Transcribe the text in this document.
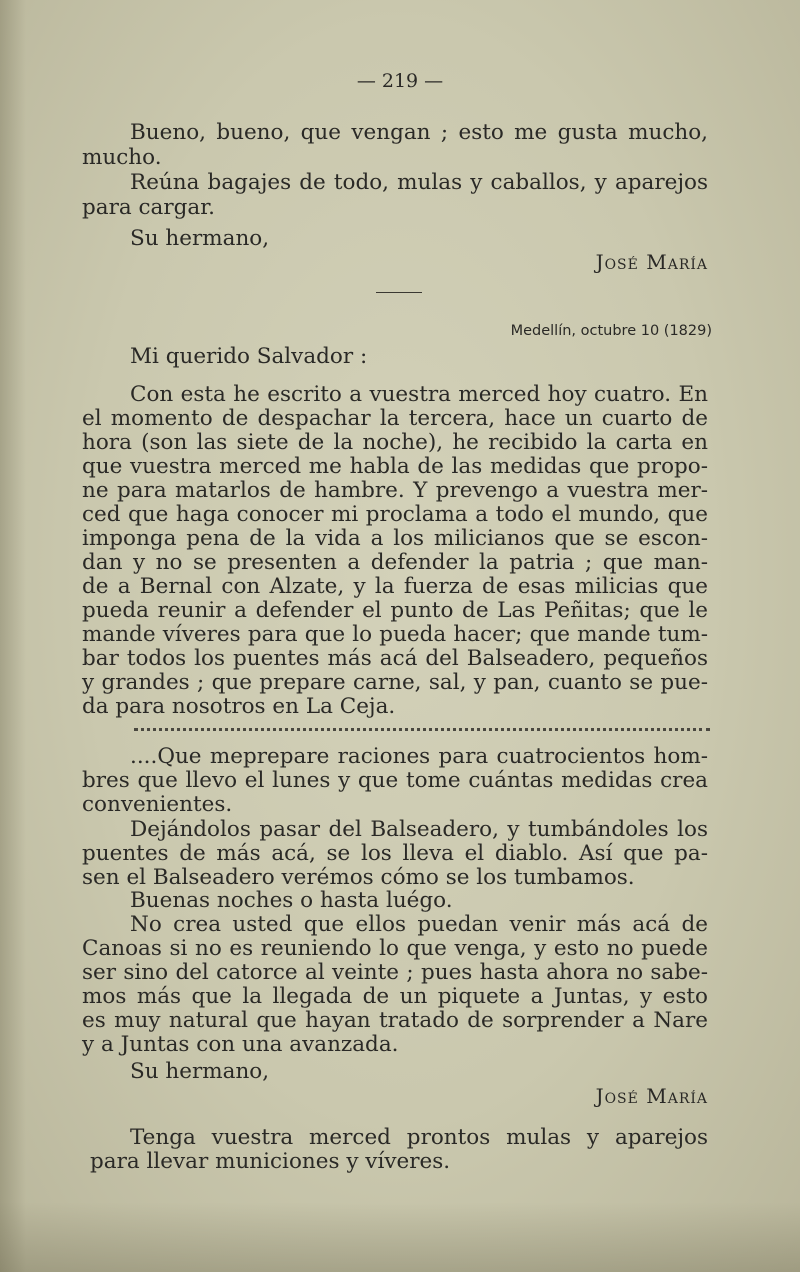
— 219 —
Bueno, bueno, que vengan ; esto me gusta mucho,
mucho.
Reúna bagajes de todo, mulas y caballos, y aparejos
para cargar.
Su hermano,
José María
Medellín, octubre 10 (1829)
Mi querido Salvador :
Con esta he escrito a vuestra merced hoy cuatro. En
el momento de despachar la tercera, hace un cuarto de
hora (son las siete de la noche), he recibido la carta en
que vuestra merced me habla de las medidas que propo-
ne para matarlos de hambre. Y prevengo a vuestra mer-
ced que haga conocer mi proclama a todo el mundo, que
imponga pena de la vida a los milicianos que se escon-
dan y no se presenten a defender la patria ; que man-
de a Bernal con Alzate, y la fuerza de esas milicias que
pueda reunir a defender el punto de Las Peñitas; que le
mande víveres para que lo pueda hacer; que mande tum-
bar todos los puentes más acá del Balseadero, pequeños
y grandes ; que prepare carne, sal, y pan, cuanto se pue-
da para nosotros en La Ceja.
....Que meprepare raciones para cuatrocientos hom-
bres que llevo el lunes y que tome cuántas medidas crea
convenientes.
Dejándolos pasar del Balseadero, y tumbándoles los
puentes de más acá, se los lleva el diablo. Así que pa-
sen el Balseadero verémos cómo se los tumbamos.
Buenas noches o hasta luégo.
No crea usted que ellos puedan venir más acá de
Canoas si no es reuniendo lo que venga, y esto no puede
ser sino del catorce al veinte ; pues hasta ahora no sabe-
mos más que la llegada de un piquete a Juntas, y esto
es muy natural que hayan tratado de sorprender a Nare
y a Juntas con una avanzada.
Su hermano,
José María
Tenga vuestra merced prontos mulas y aparejos
para llevar municiones y víveres.
